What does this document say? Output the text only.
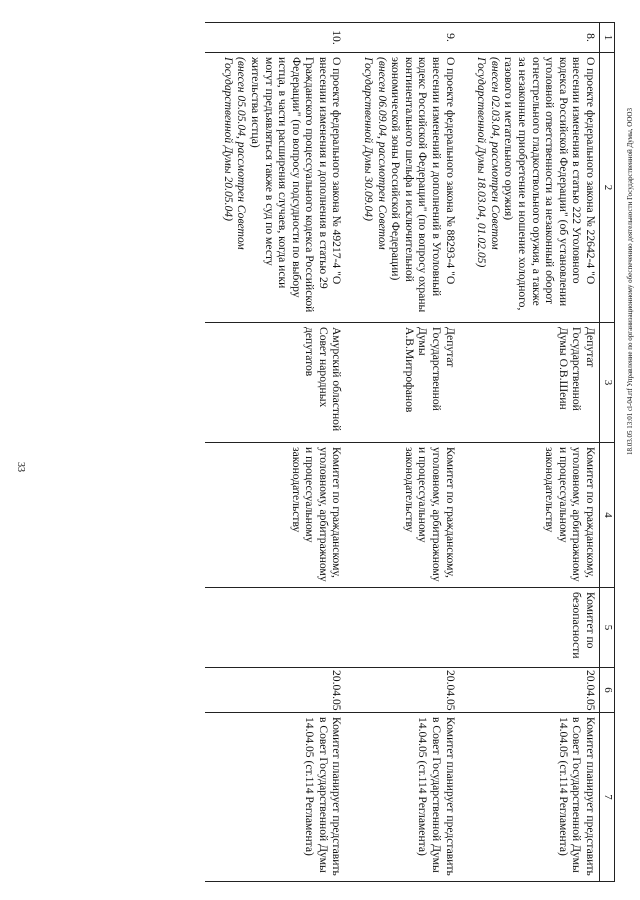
33
1	2	3	4	5	6	7
8.	О проекте федерального закона № 22642-4 "О внесении изменения в статью 222 Уголовного кодекса Российской Федерации" (об установлении уголовной ответственности за незаконный оборот огнестрельного гладкоствольного оружия, а также за незаконные приобретение и ношение холодного, газового и метательного оружия)
(внесен 02.03.04, рассмотрен Советом Государственной Думы 18.03.04, 01.02.05)	Депутат Государственной Думы О.В.Шеин	Комитет по гражданскому, уголовному, арбитражному и процессуальному законодательству	Комитет по безопасности	20.04.05	Комитет планирует представить в Совет Государственной Думы 14.04.05 (ст.114 Регламента)
9.	О проекте федерального закона № 88293-4 "О внесении изменений и дополнений в Уголовный кодекс Российской Федерации" (по вопросу охраны континентального шельфа и исключительной экономической зоны Российской Федерации)
(внесен 06.09.04, рассмотрен Советом Государственной Думы 30.09.04)	Депутат Государственной Думы А.В.Митрофанов	Комитет по гражданскому, уголовному, арбитражному и процессуальному законодательству		20.04.05	Комитет планирует представить в Совет Государственной Думы 14.04.05 (ст.114 Регламента)
10.	О проекте федерального закона № 49217-4 "О внесении изменения и дополнения в статью 29 Гражданского процессуального кодекса Российской Федерации" (по вопросу подсудности по выбору истца, в части расширения случаев, когда иски могут предъявляться также в суд по месту жительства истца)
(внесен 05.05.04, рассмотрен Советом Государственной Думы 20.05.04)	Амурский областной Совет народных депутатов	Комитет по гражданскому, уголовному, арбитражному и процессуальному законодательству		20.04.05	Комитет планирует представить в Совет Государственной Думы 14.04.05 (ст.114 Регламента)
18.03.05 13:01 cl-04.rtf Управление по организационному обеспечению деятельности Государственной Думы, ООО3
